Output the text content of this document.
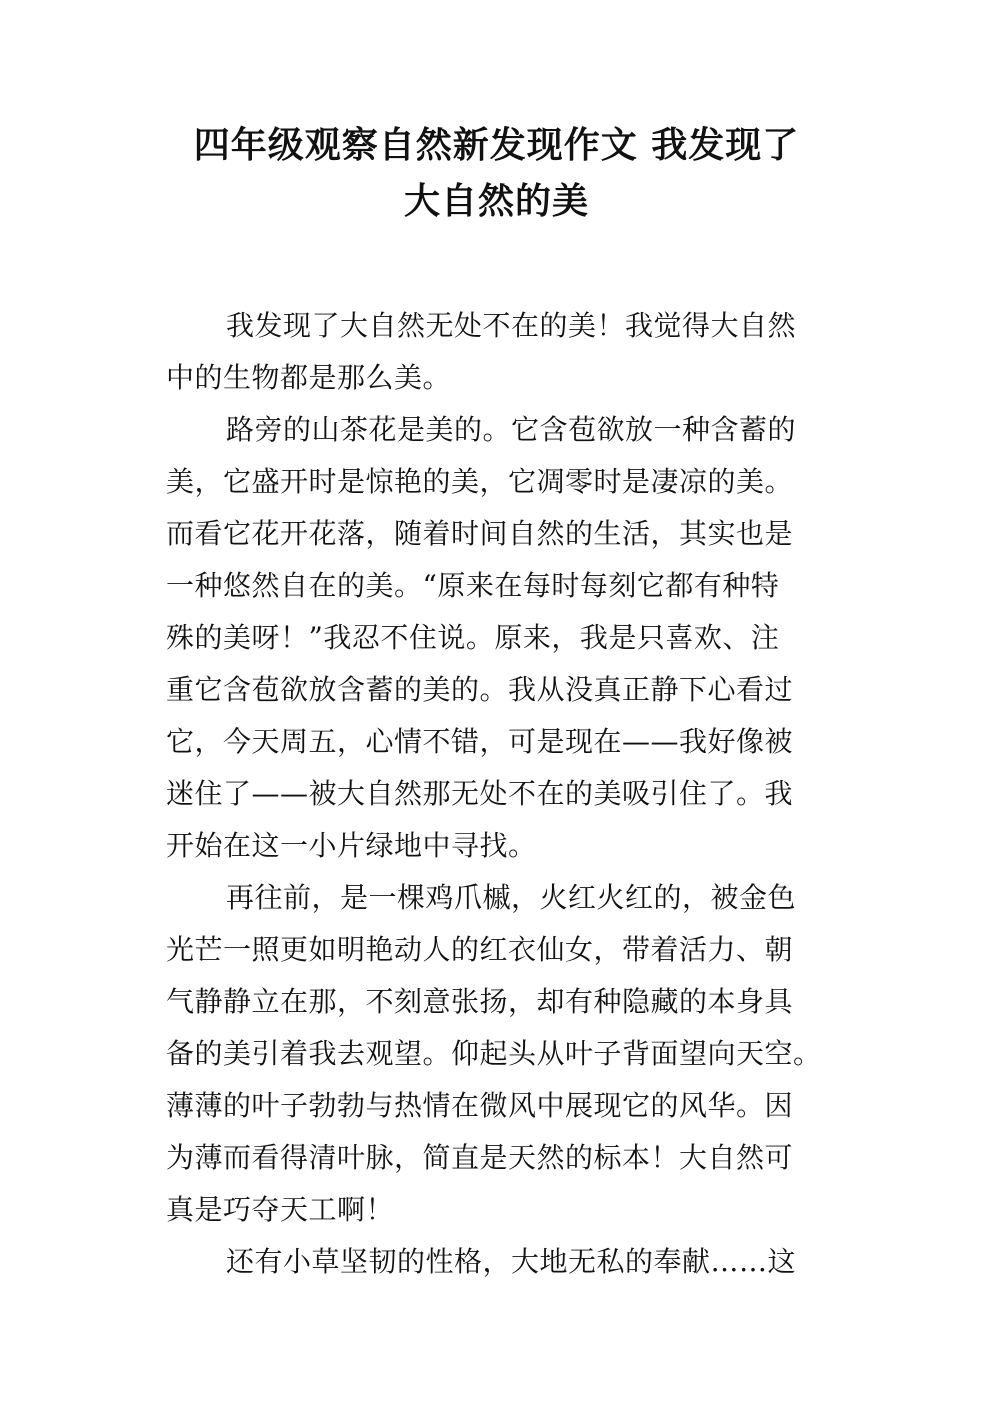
四年级观察自然新发现作文 我发现了
大自然的美
我发现了大自然无处不在的美！我觉得大自然
中的生物都是那么美。
路旁的山茶花是美的。它含苞欲放一种含蓄的
美，它盛开时是惊艳的美，它凋零时是凄凉的美。
而看它花开花落，随着时间自然的生活，其实也是
一种悠然自在的美。“原来在每时每刻它都有种特
殊的美呀！”我忍不住说。原来，我是只喜欢、注
重它含苞欲放含蓄的美的。我从没真正静下心看过
它，今天周五，心情不错，可是现在——我好像被
迷住了——被大自然那无处不在的美吸引住了。我
开始在这一小片绿地中寻找。
再往前，是一棵鸡爪槭，火红火红的，被金色
光芒一照更如明艳动人的红衣仙女，带着活力、朝
气静静立在那，不刻意张扬，却有种隐藏的本身具
备的美引着我去观望。仰起头从叶子背面望向天空。
薄薄的叶子勃勃与热情在微风中展现它的风华。因
为薄而看得清叶脉，简直是天然的标本！大自然可
真是巧夺天工啊！
还有小草坚韧的性格，大地无私的奉献……这
